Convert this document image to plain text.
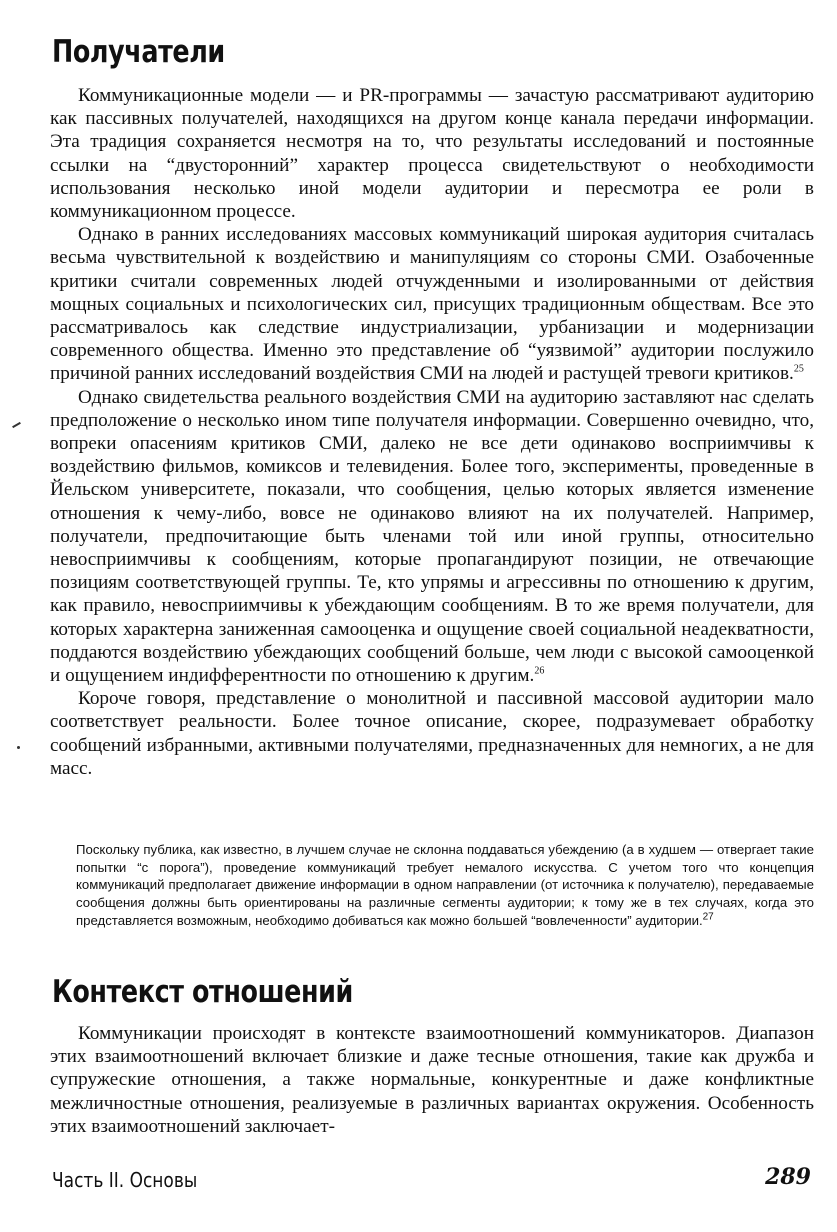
Получатели

Коммуникационные модели — и PR-программы — зачастую рассматривают аудиторию как пассивных получателей, находящихся на другом конце канала передачи информации. Эта традиция сохраняется несмотря на то, что результаты исследований и постоянные ссылки на “двусторонний” характер процесса свидетельствуют о необходимости использования несколько иной модели аудитории и пересмотра ее роли в коммуникационном процессе.

Однако в ранних исследованиях массовых коммуникаций широкая аудитория считалась весьма чувствительной к воздействию и манипуляциям со стороны СМИ. Озабоченные критики считали современных людей отчужденными и изолированными от действия мощных социальных и психологических сил, присущих традиционным обществам. Все это рассматривалось как следствие индустриализации, урбанизации и модернизации современного общества. Именно это представление об “уязвимой” аудитории послужило причиной ранних исследований воздействия СМИ на людей и растущей тревоги критиков.$^{25}$

Однако свидетельства реального воздействия СМИ на аудиторию заставляют нас сделать предположение о несколько ином типе получателя информации. Совершенно очевидно, что, вопреки опасениям критиков СМИ, далеко не все дети одинаково восприимчивы к воздействию фильмов, комиксов и телевидения. Более того, эксперименты, проведенные в Йельском университете, показали, что сообщения, целью которых является изменение отношения к чему-либо, вовсе не одинаково влияют на их получателей. Например, получатели, предпочитающие быть членами той или иной группы, относительно невосприимчивы к сообщениям, которые пропагандируют позиции, не отвечающие позициям соответствующей группы. Те, кто упрямы и агрессивны по отношению к другим, как правило, невосприимчивы к убеждающим сообщениям. В то же время получатели, для которых характерна заниженная самооценка и ощущение своей социальной неадекватности, поддаются воздействию убеждающих сообщений больше, чем люди с высокой самооценкой и ощущением индифферентности по отношению к другим.$^{26}$

Короче говоря, представление о монолитной и пассивной массовой аудитории мало соответствует реальности. Более точное описание, скорее, подразумевает обработку сообщений избранными, активными получателями, предназначенных для немногих, а не для масс.

Поскольку публика, как известно, в лучшем случае не склонна поддаваться убеждению (а в худшем — отвергает такие попытки “с порога”), проведение коммуникаций требует немалого искусства. С учетом того что концепция коммуникаций предполагает движение информации в одном направлении (от источника к получателю), передаваемые сообщения должны быть ориентированы на различные сегменты аудитории; к тому же в тех случаях, когда это представляется возможным, необходимо добиваться как можно большей “вовлеченности” аудитории.$^{27}$

Контекст отношений

Коммуникации происходят в контексте взаимоотношений коммуникаторов. Диапазон этих взаимоотношений включает близкие и даже тесные отношения, такие как дружба и супружеские отношения, а также нормальные, конкурентные и даже конфликтные межличностные отношения, реализуемые в различных вариантах окружения. Особенность этих взаимоотношений заключает-

Часть II. Основы	289
